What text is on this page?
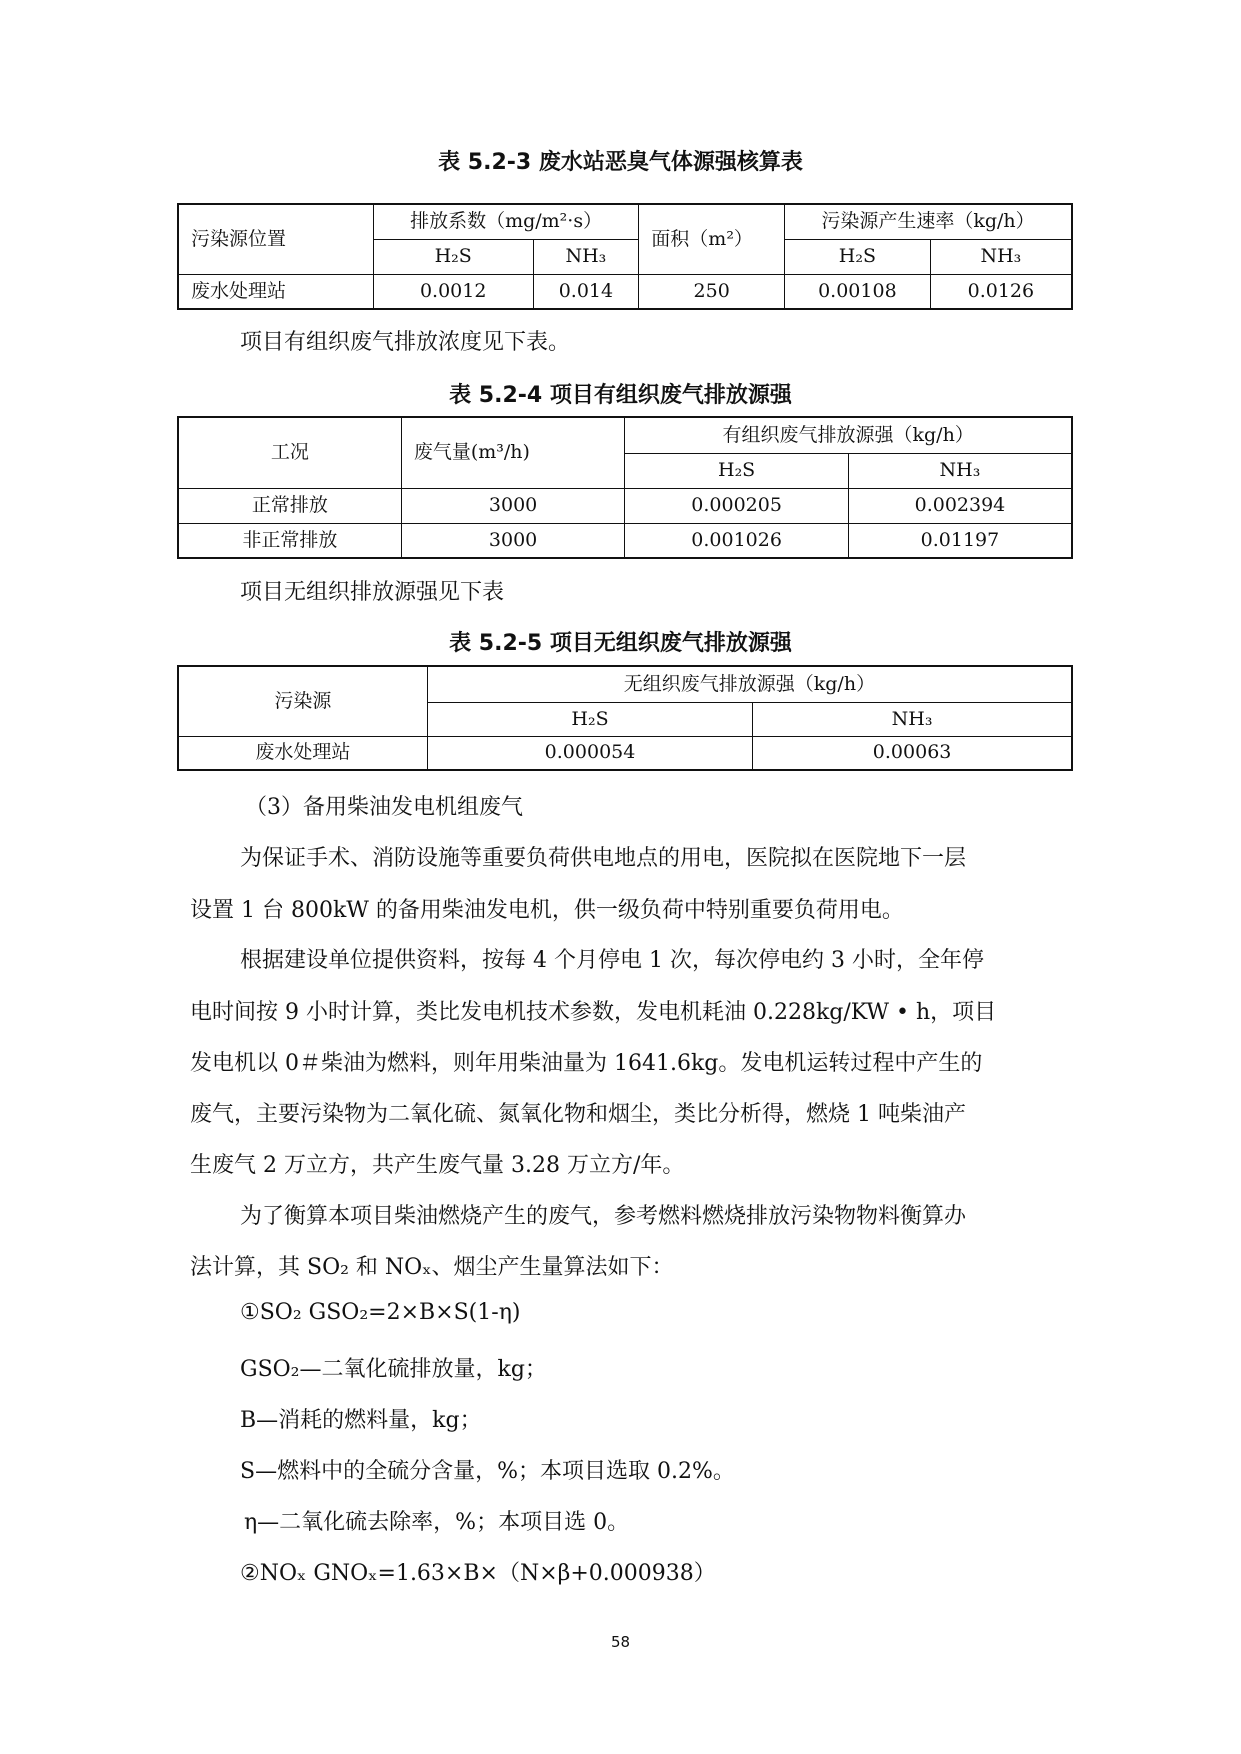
表 5.2-3 废水站恶臭气体源强核算表
污染源位置	排放系数（mg/m²·s）		面积（m²）	污染源产生速率（kg/h）	
	H₂S	NH₃		H₂S	NH₃
废水处理站	0.0012	0.014	250	0.00108	0.0126
项目有组织废气排放浓度见下表。
表 5.2-4 项目有组织废气排放源强
工况	废气量(m³/h)	有组织废气排放源强（kg/h）	
		H₂S	NH₃
正常排放	3000	0.000205	0.002394
非正常排放	3000	0.001026	0.01197
项目无组织排放源强见下表
表 5.2-5 项目无组织废气排放源强
污染源	无组织废气排放源强（kg/h）	
	H₂S	NH₃
废水处理站	0.000054	0.00063
（3）备用柴油发电机组废气
为保证手术、消防设施等重要负荷供电地点的用电，医院拟在医院地下一层
设置 1 台 800kW 的备用柴油发电机，供一级负荷中特别重要负荷用电。
根据建设单位提供资料，按每 4 个月停电 1 次，每次停电约 3 小时，全年停
电时间按 9 小时计算，类比发电机技术参数，发电机耗油 0.228kg/KW • h，项目
发电机以 0＃柴油为燃料，则年用柴油量为 1641.6kg。发电机运转过程中产生的
废气，主要污染物为二氧化硫、氮氧化物和烟尘，类比分析得，燃烧 1 吨柴油产
生废气 2 万立方，共产生废气量 3.28 万立方/年。
为了衡算本项目柴油燃烧产生的废气，参考燃料燃烧排放污染物物料衡算办
法计算，其 SO₂ 和 NOₓ、烟尘产生量算法如下：
①SO₂ GSO₂=2×B×S(1-η)
GSO₂—二氧化硫排放量，kg；
B—消耗的燃料量，kg；
S—燃料中的全硫分含量，%；本项目选取 0.2%。
η—二氧化硫去除率，%；本项目选 0。
②NOₓ GNOₓ=1.63×B×（N×β+0.000938）
58
